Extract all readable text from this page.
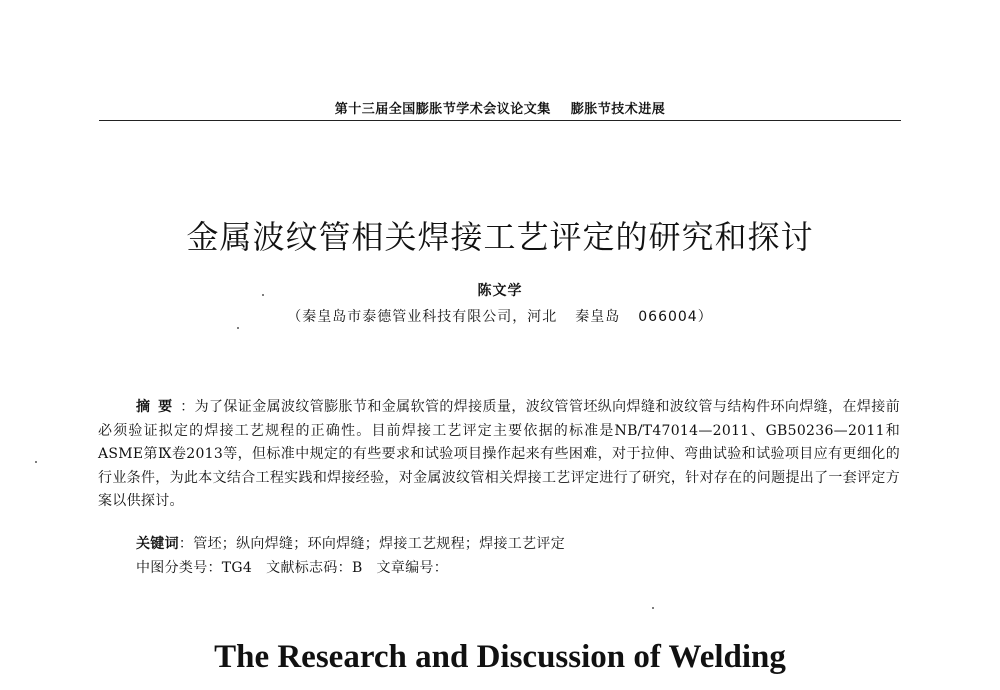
第十三届全国膨胀节学术会议论文集 膨胀节技术进展
金属波纹管相关焊接工艺评定的研究和探讨
陈文学
（秦皇岛市泰德管业科技有限公司，河北 秦皇岛 066004）
摘要：为了保证金属波纹管膨胀节和金属软管的焊接质量，波纹管管坯纵向焊缝和波纹管与结构件环向焊缝，在焊接前必须验证拟定的焊接工艺规程的正确性。目前焊接工艺评定主要依据的标准是NB/T47014—2011、GB50236—2011和ASME第Ⅸ卷2013等，但标准中规定的有些要求和试验项目操作起来有些困难，对于拉伸、弯曲试验和试验项目应有更细化的行业条件，为此本文结合工程实践和焊接经验，对金属波纹管相关焊接工艺评定进行了研究，针对存在的问题提出了一套评定方案以供探讨。
关键词：管坯；纵向焊缝；环向焊缝；焊接工艺规程；焊接工艺评定
中图分类号：TG4 文献标志码：B 文章编号：
The Research and Discussion of Welding
